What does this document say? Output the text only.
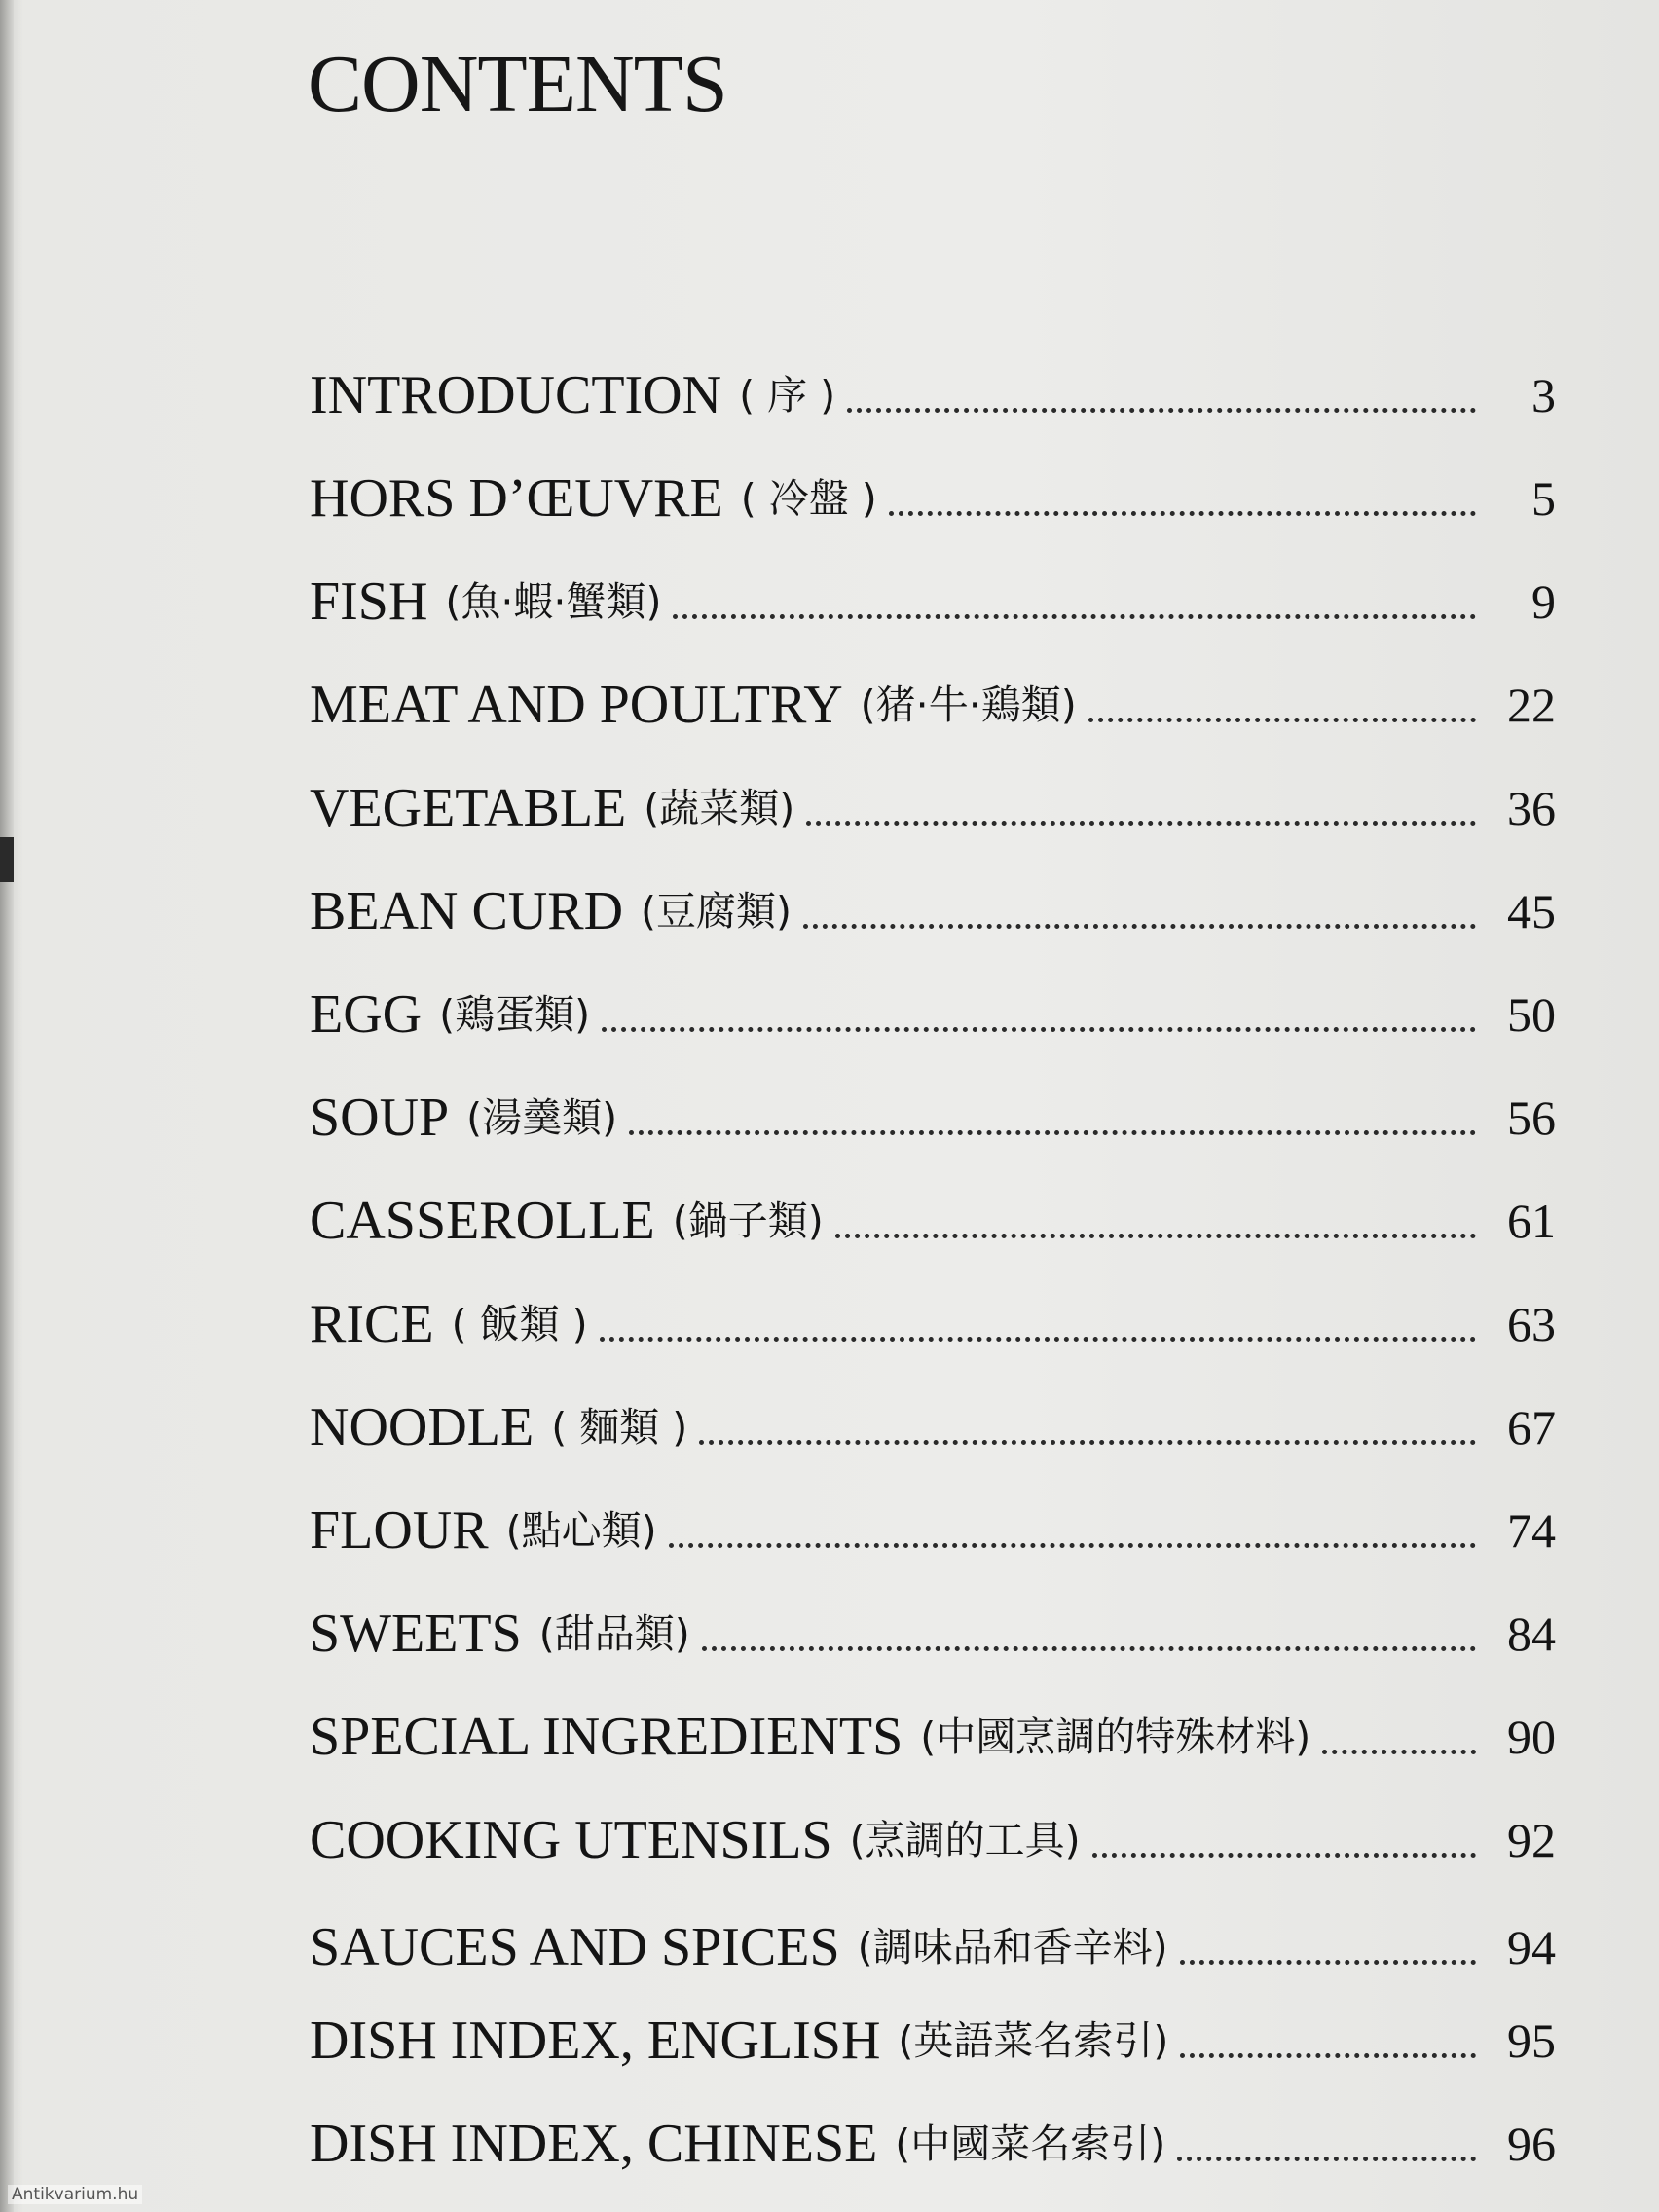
CONTENTS
INTRODUCTION ( 序 )	3
HORS D’ŒUVRE ( 冷盤 )	5
FISH (魚·蝦·蟹類)	9
MEAT AND POULTRY (猪·牛·鶏類)	22
VEGETABLE (蔬菜類)	36
BEAN CURD (豆腐類)	45
EGG (鶏蛋類)	50
SOUP (湯羹類)	56
CASSEROLLE (鍋子類)	61
RICE ( 飯類 )	63
NOODLE ( 麵類 )	67
FLOUR (點心類)	74
SWEETS (甜品類)	84
SPECIAL INGREDIENTS (中國烹調的特殊材料)	90
COOKING UTENSILS (烹調的工具)	92
SAUCES AND SPICES (調味品和香辛料)	94
DISH INDEX, ENGLISH (英語菜名索引)	95
DISH INDEX, CHINESE (中國菜名索引)	96
Antikvarium.hu
